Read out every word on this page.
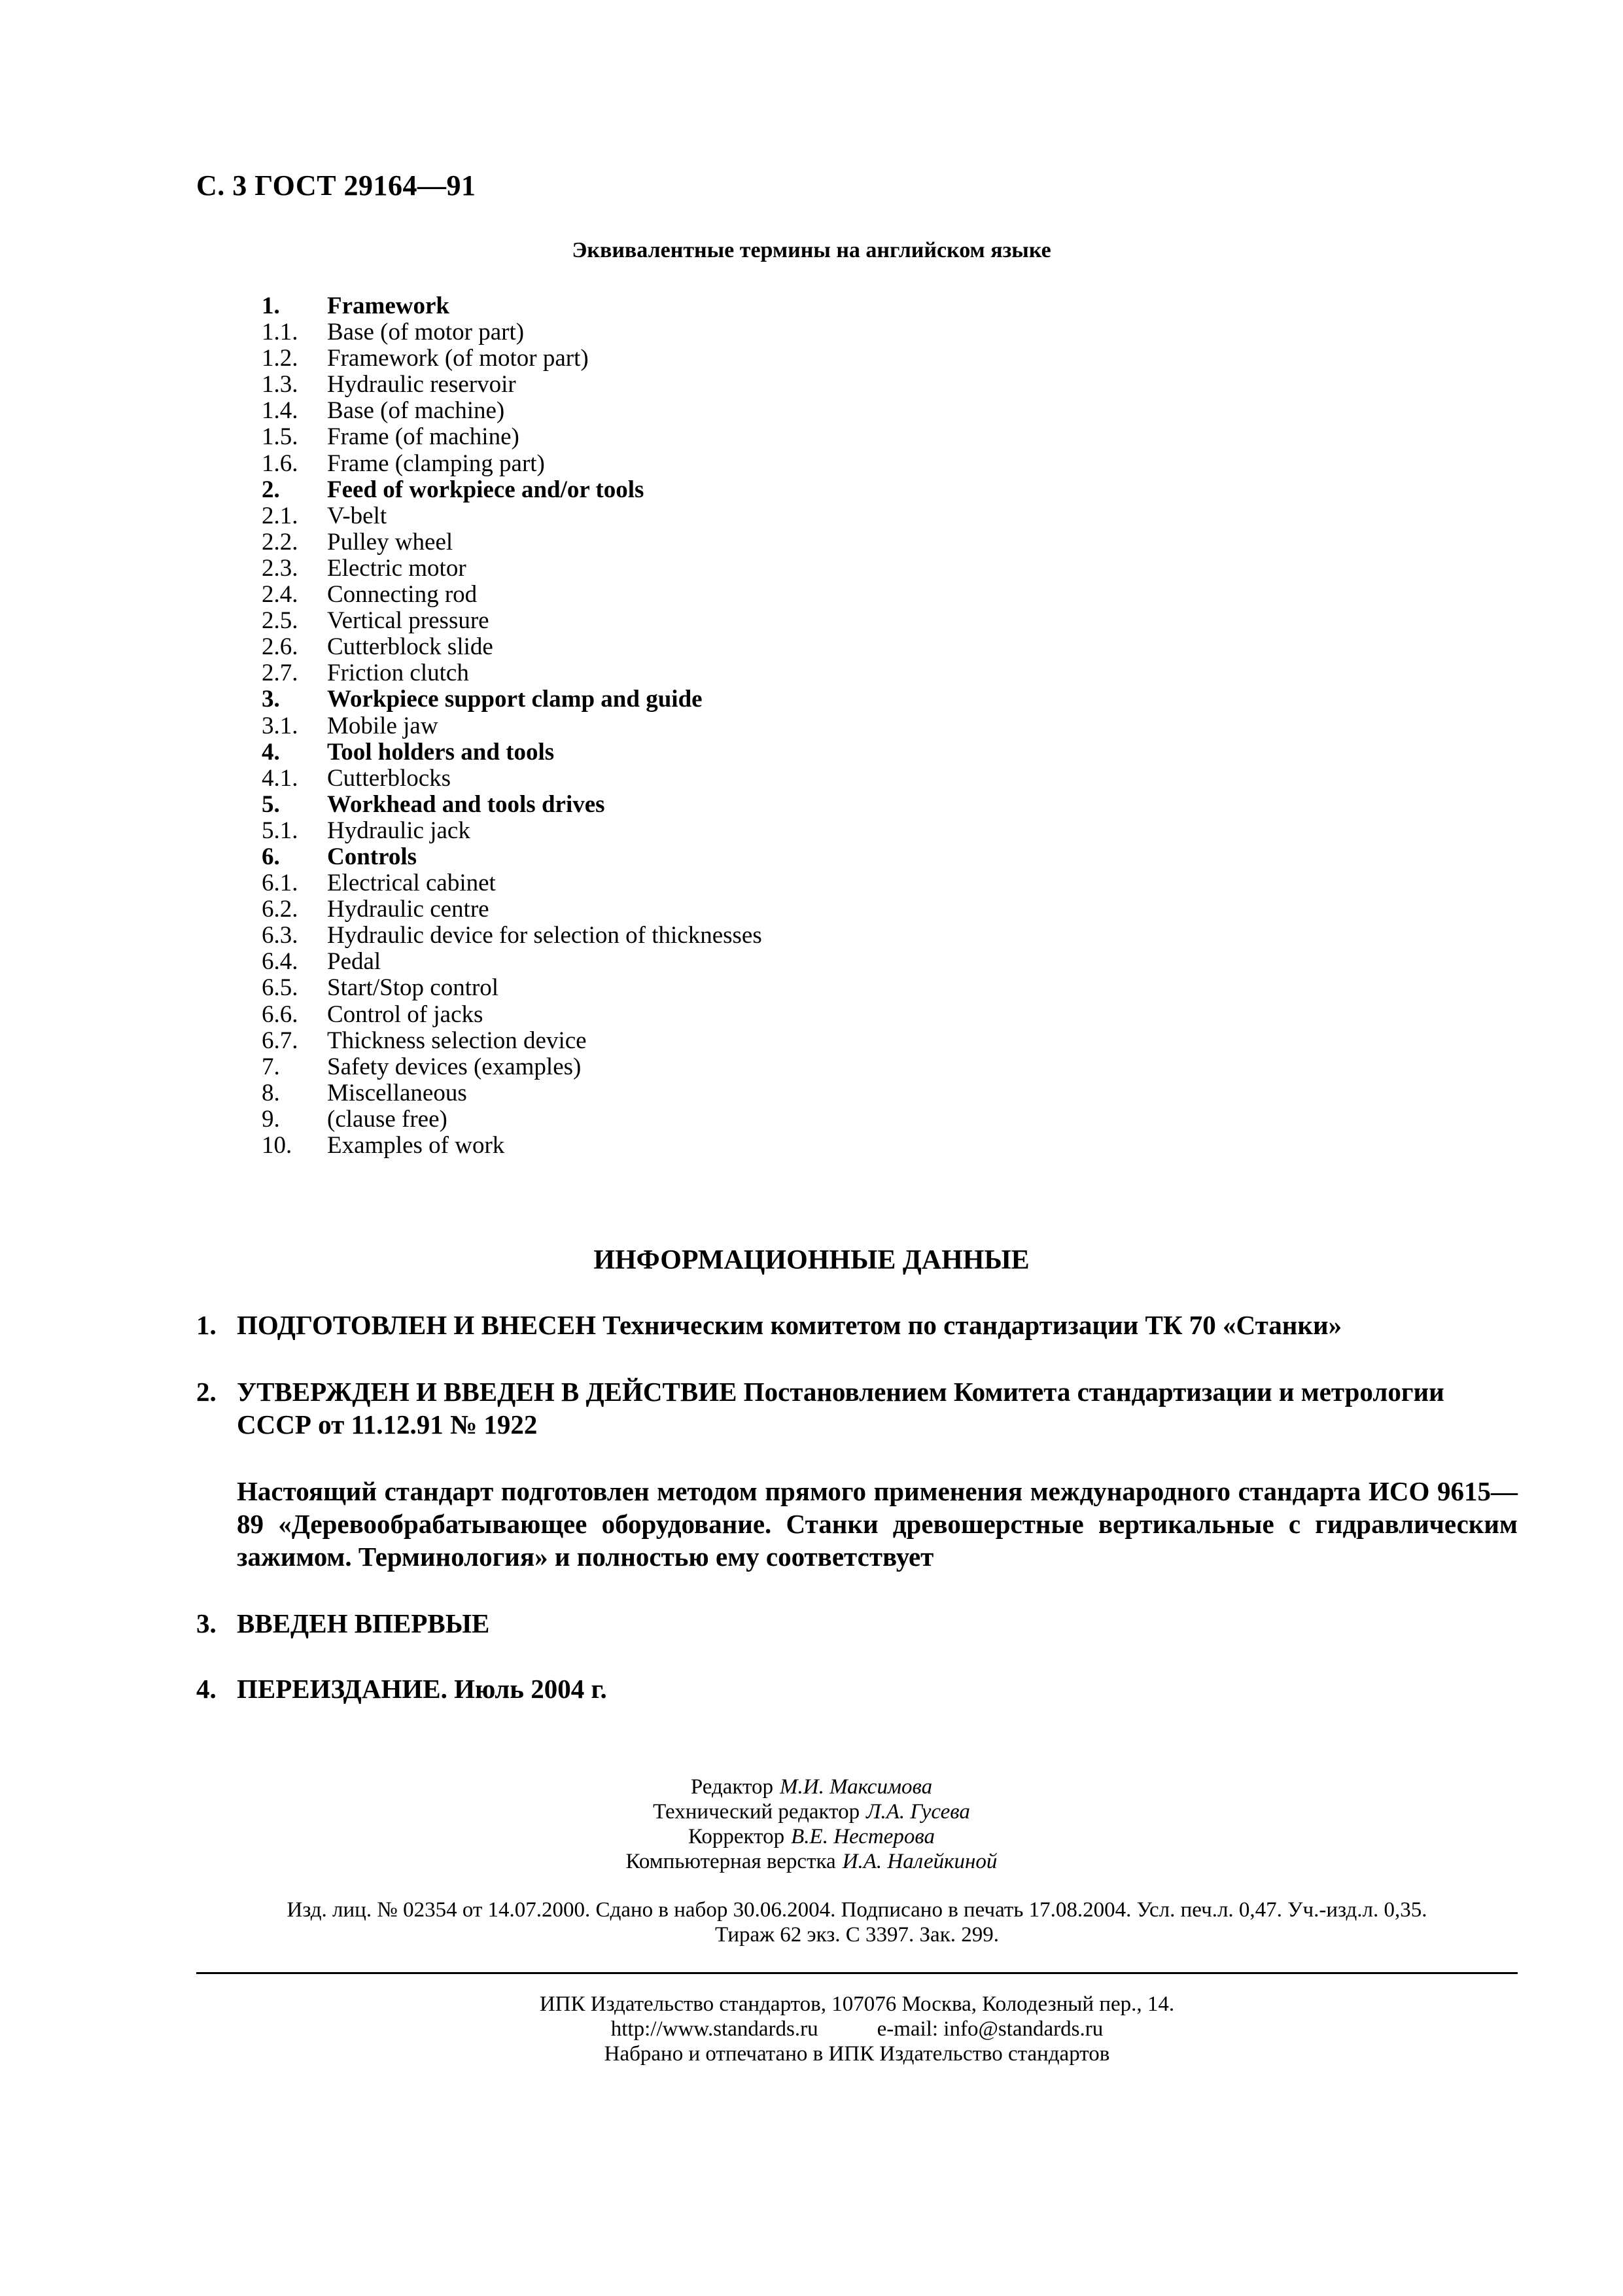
С. 3 ГОСТ 29164—91
Эквивалентные термины на английском языке
1.	Framework
1.1.	Base (of motor part)
1.2.	Framework (of motor part)
1.3.	Hydraulic reservoir
1.4.	Base (of machine)
1.5.	Frame (of machine)
1.6.	Frame (clamping part)
2.	Feed of workpiece and/or tools
2.1.	V-belt
2.2.	Pulley wheel
2.3.	Electric motor
2.4.	Connecting rod
2.5.	Vertical pressure
2.6.	Cutterblock slide
2.7.	Friction clutch
3.	Workpiece support clamp and guide
3.1.	Mobile jaw
4.	Tool holders and tools
4.1.	Cutterblocks
5.	Workhead and tools drives
5.1.	Hydraulic jack
6.	Controls
6.1.	Electrical cabinet
6.2.	Hydraulic centre
6.3.	Hydraulic device for selection of thicknesses
6.4.	Pedal
6.5.	Start/Stop control
6.6.	Control of jacks
6.7.	Thickness selection device
7.	Safety devices (examples)
8.	Miscellaneous
9.	(clause free)
10.	Examples of work
ИНФОРМАЦИОННЫЕ ДАННЫЕ
1. ПОДГОТОВЛЕН И ВНЕСЕН Техническим комитетом по стандартизации ТК 70 «Станки»
2. УТВЕРЖДЕН И ВВЕДЕН В ДЕЙСТВИЕ Постановлением Комитета стандартизации и метрологии СССР от 11.12.91 № 1922
Настоящий стандарт подготовлен методом прямого применения международного стандарта ИСО 9615—89 «Деревообрабатывающее оборудование. Станки древошерстные вертикальные с гидравлическим зажимом. Терминология» и полностью ему соответствует
3. ВВЕДЕН ВПЕРВЫЕ
4. ПЕРЕИЗДАНИЕ. Июль 2004 г.
Редактор М.И. Максимова
Технический редактор Л.А. Гусева
Корректор В.Е. Нестерова
Компьютерная верстка И.А. Налейкиной
Изд. лиц. № 02354 от 14.07.2000. Сдано в набор 30.06.2004. Подписано в печать 17.08.2004. Усл. печ.л. 0,47. Уч.-изд.л. 0,35.
Тираж 62 экз. С 3397. Зак. 299.
ИПК Издательство стандартов, 107076 Москва, Колодезный пер., 14.
http://www.standards.ru	e-mail: info@standards.ru
Набрано и отпечатано в ИПК Издательство стандартов
